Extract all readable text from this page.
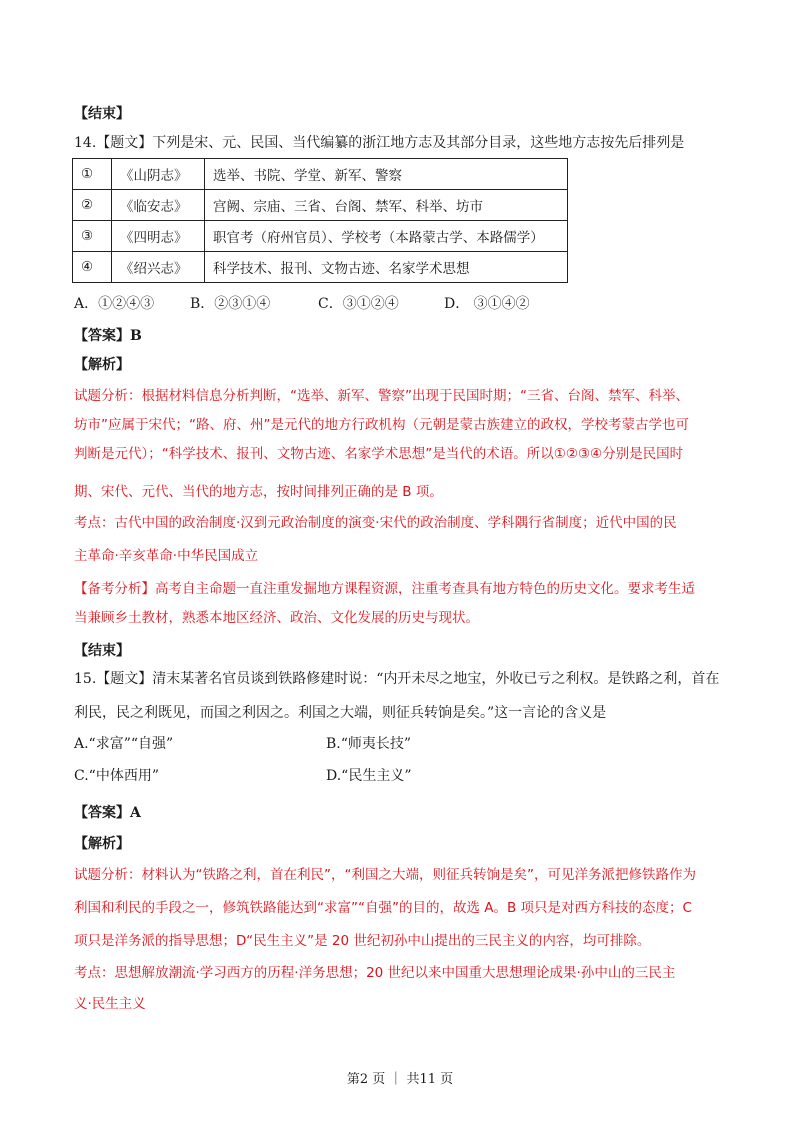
【结束】
14.【题文】下列是宋、元、民国、当代编纂的浙江地方志及其部分目录，这些地方志按先后排列是
①	《山阴志》	选举、书院、学堂、新军、警察
②	《临安志》	宫阙、宗庙、三省、台阁、禁军、科举、坊市
③	《四明志》	职官考（府州官员）、学校考（本路蒙古学、本路儒学）
④	《绍兴志》	科学技术、报刊、文物古迹、名家学术思想
A．①②④③	B．②③①④	C．③①②④	D． ③①④②
【答案】B
【解析】
试题分析：根据材料信息分析判断，“选举、新军、警察”出现于民国时期；“三省、台阁、禁军、科举、
坊市”应属于宋代；“路、府、州”是元代的地方行政机构（元朝是蒙古族建立的政权，学校考蒙古学也可
判断是元代）；“科学技术、报刊、文物古迹、名家学术思想”是当代的术语。所以①②③④分别是民国时
期、宋代、元代、当代的地方志，按时间排列正确的是 B 项。
考点：古代中国的政治制度·汉到元政治制度的演变·宋代的政治制度、学科隅行省制度；近代中国的民
主革命·辛亥革命·中华民国成立
【备考分析】高考自主命题一直注重发掘地方课程资源，注重考查具有地方特色的历史文化。要求考生适
当兼顾乡土教材，熟悉本地区经济、政治、文化发展的历史与现状。
【结束】
15.【题文】清末某著名官员谈到铁路修建时说：“内开未尽之地宝，外收已亏之利权。是铁路之利，首在
利民，民之利既见，而国之利因之。利国之大端，则征兵转饷是矣。”这一言论的含义是
A.“求富”“自强”	B.“师夷长技”
C.“中体西用”	D.“民生主义”
【答案】A
【解析】
试题分析：材料认为“铁路之利，首在利民”，“利国之大端，则征兵转饷是矣”，可见洋务派把修铁路作为
利国和利民的手段之一，修筑铁路能达到“求富”“自强”的目的，故选 A。B 项只是对西方科技的态度；C
项只是洋务派的指导思想；D“民生主义”是 20 世纪初孙中山提出的三民主义的内容，均可排除。
考点：思想解放潮流·学习西方的历程·洋务思想；20 世纪以来中国重大思想理论成果·孙中山的三民主
义·民生主义
第2 页 ｜ 共11 页
